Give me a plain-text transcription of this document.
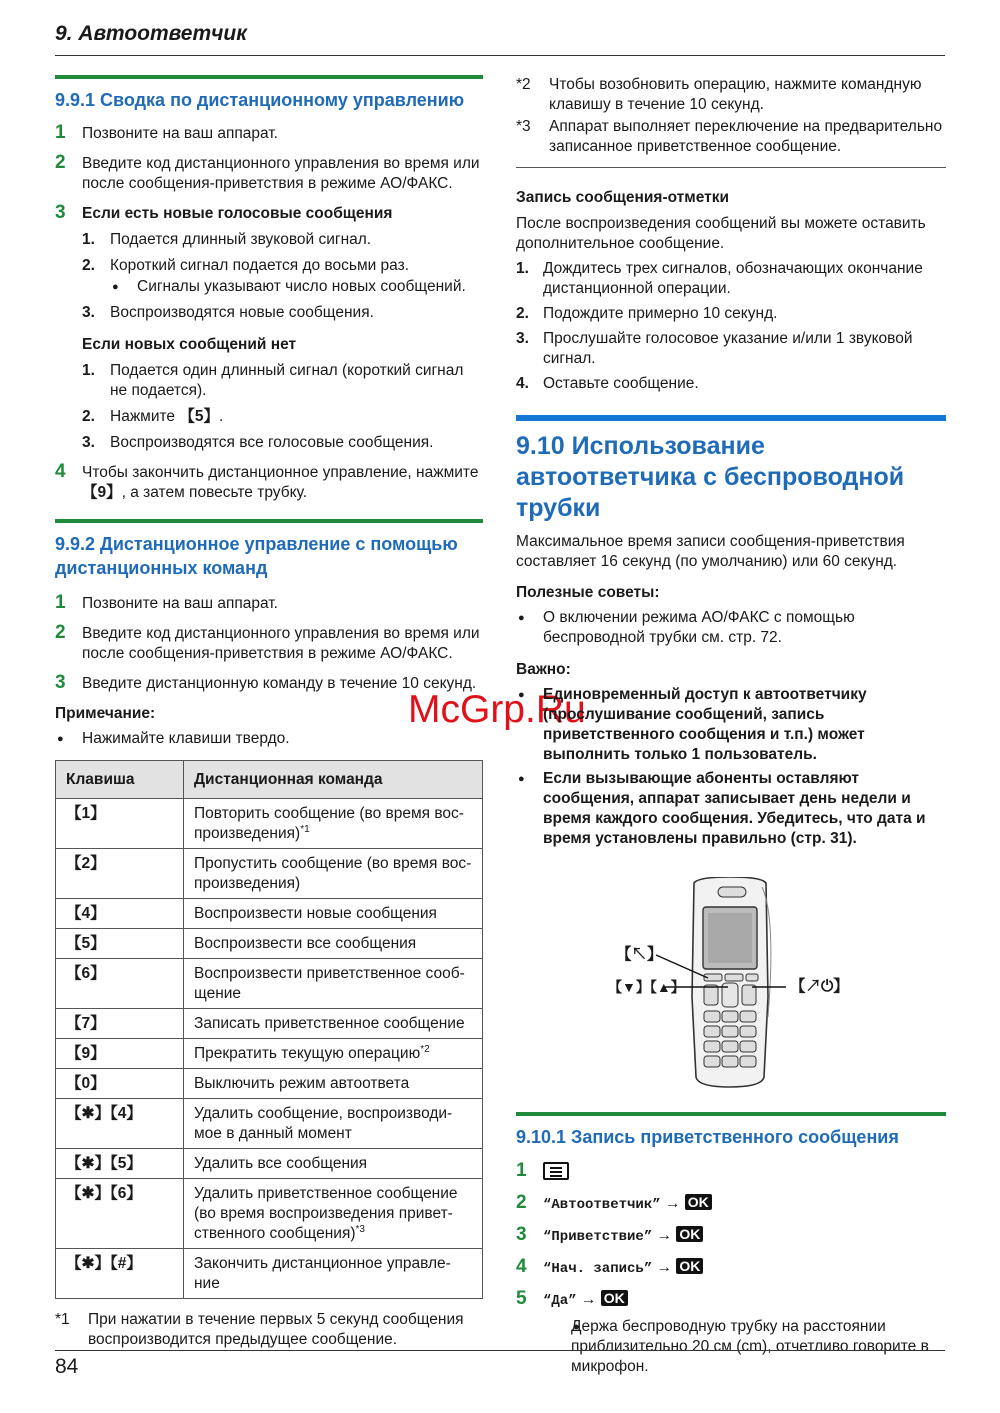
9. Автоответчик
9.9.1 Сводка по дистанционному управлению
1 Позвоните на ваш аппарат.
2 Введите код дистанционного управления во время или после сообщения-приветствия в режиме АО/ФАКС.
3 Если есть новые голосовые сообщения
1. Подается длинный звуковой сигнал.
2. Короткий сигнал подается до восьми раз.
● Сигналы указывают число новых сообщений.
3. Воспроизводятся новые сообщения.
Если новых сообщений нет
1. Подается один длинный сигнал (короткий сигнал не подается).
2. Нажмите 【5】.
3. Воспроизводятся все голосовые сообщения.
4 Чтобы закончить дистанционное управление, нажмите 【9】, а затем повесьте трубку.
9.9.2 Дистанционное управление с помощью дистанционных команд
1 Позвоните на ваш аппарат.
2 Введите код дистанционного управления во время или после сообщения-приветствия в режиме АО/ФАКС.
3 Введите дистанционную команду в течение 10 секунд.
Примечание:
● Нажимайте клавиши твердо.
Клавиша	Дистанционная команда
【1】	Повторить сообщение (во время вос-произведения)$^{*1}$
【2】	Пропустить сообщение (во время вос-произведения)
【4】	Воспроизвести новые сообщения
【5】	Воспроизвести все сообщения
【6】	Воспроизвести приветственное сооб-щение
【7】	Записать приветственное сообщение
【9】	Прекратить текущую операцию$^{*2}$
【0】	Выключить режим автоответа
【✱】【4】	Удалить сообщение, воспроизводи-мое в данный момент
【✱】【5】	Удалить все сообщения
【✱】【6】	Удалить приветственное сообщение (во время воспроизведения привет-ственного сообщения)$^{*3}$
【✱】【#】	Закончить дистанционное управле-ние
*1 При нажатии в течение первых 5 секунд сообщения воспроизводится предыдущее сообщение.
McGrp.Ru
*2 Чтобы возобновить операцию, нажмите командную клавишу в течение 10 секунд.
*3 Аппарат выполняет переключение на предварительно записанное приветственное сообщение.
Запись сообщения-отметки
После воспроизведения сообщений вы можете оставить дополнительное сообщение.
1. Дождитесь трех сигналов, обозначающих окончание дистанционной операции.
2. Подождите примерно 10 секунд.
3. Прослушайте голосовое указание и/или 1 звуковой сигнал.
4. Оставьте сообщение.
9.10 Использование автоответчика с беспроводной трубки
Максимальное время записи сообщения-приветствия составляет 16 секунд (по умолчанию) или 60 секунд.
Полезные советы:
● О включении режима АО/ФАКС с помощью беспроводной трубки см. стр. 72.
Важно:
● Единовременный доступ к автоответчику (прослушивание сообщений, запись приветственного сообщения и т.п.) может выполнить только 1 пользователь.
● Если вызывающие абоненты оставляют сообщения, аппарат записывает день недели и время каждого сообщения. Убедитесь, что дата и время установлены правильно (стр. 31).
【↖】
【▼】【▲】	【↗⏻】
9.10.1 Запись приветственного сообщения
1
2 “Автоответчик” → OK
3 “Приветствие” → OK
4 “Нач. запись” → OK
5 “Да” → OK
● Держа беспроводную трубку на расстоянии приблизительно 20 см (cm), отчетливо говорите в микрофон.
84
